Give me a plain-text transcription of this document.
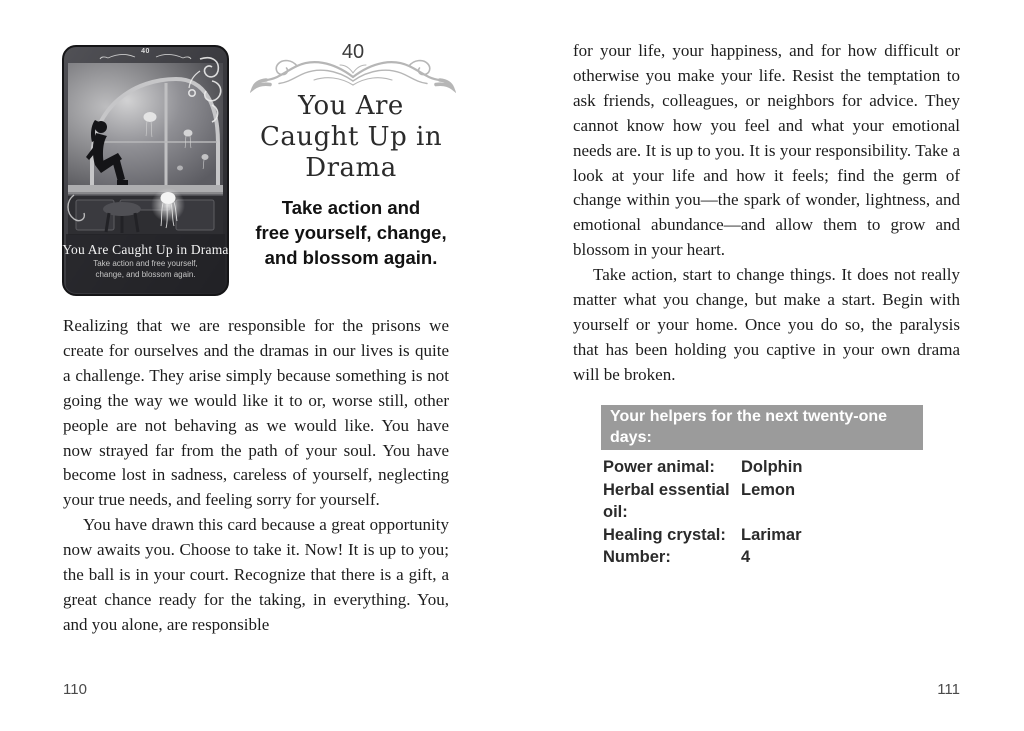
40
You Are Caught Up in Drama
Take action and free yourself, change, and blossom again.
40
You Are
Caught Up in
Drama
Take action and
free yourself, change,
and blossom again.

Realizing that we are responsible for the prisons we create for ourselves and the dramas in our lives is quite a challenge. They arise simply because something is not going the way we would like it to or, worse still, other people are not behaving as we would like. You have now strayed far from the path of your soul. You have become lost in sadness, careless of yourself, neglecting your true needs, and feeling sorry for yourself.

You have drawn this card because a great opportunity now awaits you. Choose to take it. Now! It is up to you; the ball is in your court. Recognize that there is a gift, a great chance ready for the taking, in everything. You, and you alone, are responsible

110

for your life, your happiness, and for how difficult or otherwise you make your life. Resist the temptation to ask friends, colleagues, or neighbors for advice. They cannot know how you feel and what your emotional needs are. It is up to you. It is your responsibility. Take a look at your life and how it feels; find the germ of change within you—the spark of wonder, lightness, and emotional abundance—and allow them to grow and blossom in your heart.

Take action, start to change things. It does not really matter what you change, but make a start. Begin with yourself or your home. Once you do so, the paralysis that has been holding you captive in your own drama will be broken.

Your helpers for the next twenty-one days:
Power animal:	Dolphin
Herbal essential oil:
Lemon
Healing crystal: Larimar
Number:	4
111
